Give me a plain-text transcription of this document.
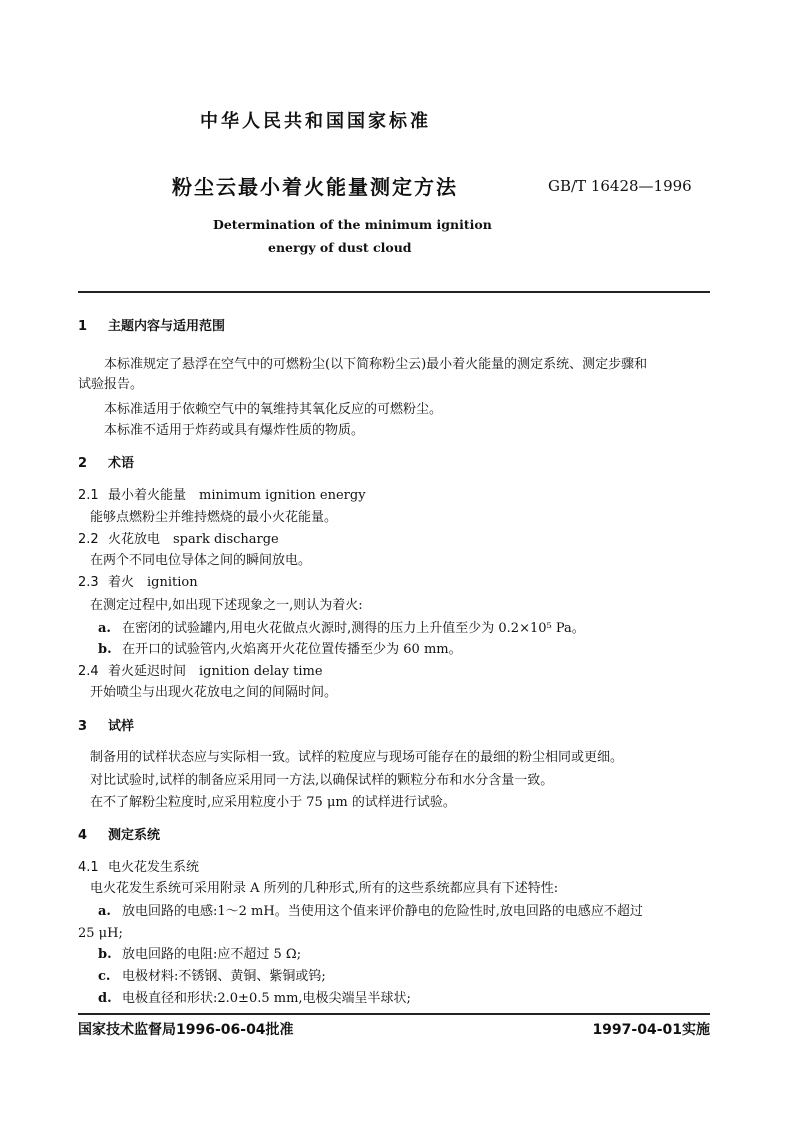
中华人民共和国国家标准
粉尘云最小着火能量测定方法	GB/T 16428—1996
Determination of the minimum ignition
energy of dust cloud
1 主题内容与适用范围
本标准规定了悬浮在空气中的可燃粉尘(以下简称粉尘云)最小着火能量的测定系统、测定步骤和
试验报告。
本标准适用于依赖空气中的氧维持其氧化反应的可燃粉尘。
本标准不适用于炸药或具有爆炸性质的物质。
2 术语
2.1 最小着火能量　minimum ignition energy
能够点燃粉尘并维持燃烧的最小火花能量。
2.2 火花放电　spark discharge
在两个不同电位导体之间的瞬间放电。
2.3 着火　ignition
在测定过程中,如出现下述现象之一,则认为着火:
a. 在密闭的试验罐内,用电火花做点火源时,测得的压力上升值至少为 0.2×10⁵ Pa。
b. 在开口的试验管内,火焰离开火花位置传播至少为 60 mm。
2.4 着火延迟时间　ignition delay time
开始喷尘与出现火花放电之间的间隔时间。
3 试样
制备用的试样状态应与实际相一致。试样的粒度应与现场可能存在的最细的粉尘相同或更细。
对比试验时,试样的制备应采用同一方法,以确保试样的颗粒分布和水分含量一致。
在不了解粉尘粒度时,应采用粒度小于 75 μm 的试样进行试验。
4 测定系统
4.1 电火花发生系统
电火花发生系统可采用附录 A 所列的几种形式,所有的这些系统都应具有下述特性:
a. 放电回路的电感:1～2 mH。当使用这个值来评价静电的危险性时,放电回路的电感应不超过
25 μH;
b. 放电回路的电阻:应不超过 5 Ω;
c. 电极材料:不锈钢、黄铜、紫铜或钨;
d. 电极直径和形状:2.0±0.5 mm,电极尖端呈半球状;
国家技术监督局1996-06-04批准	1997-04-01实施
